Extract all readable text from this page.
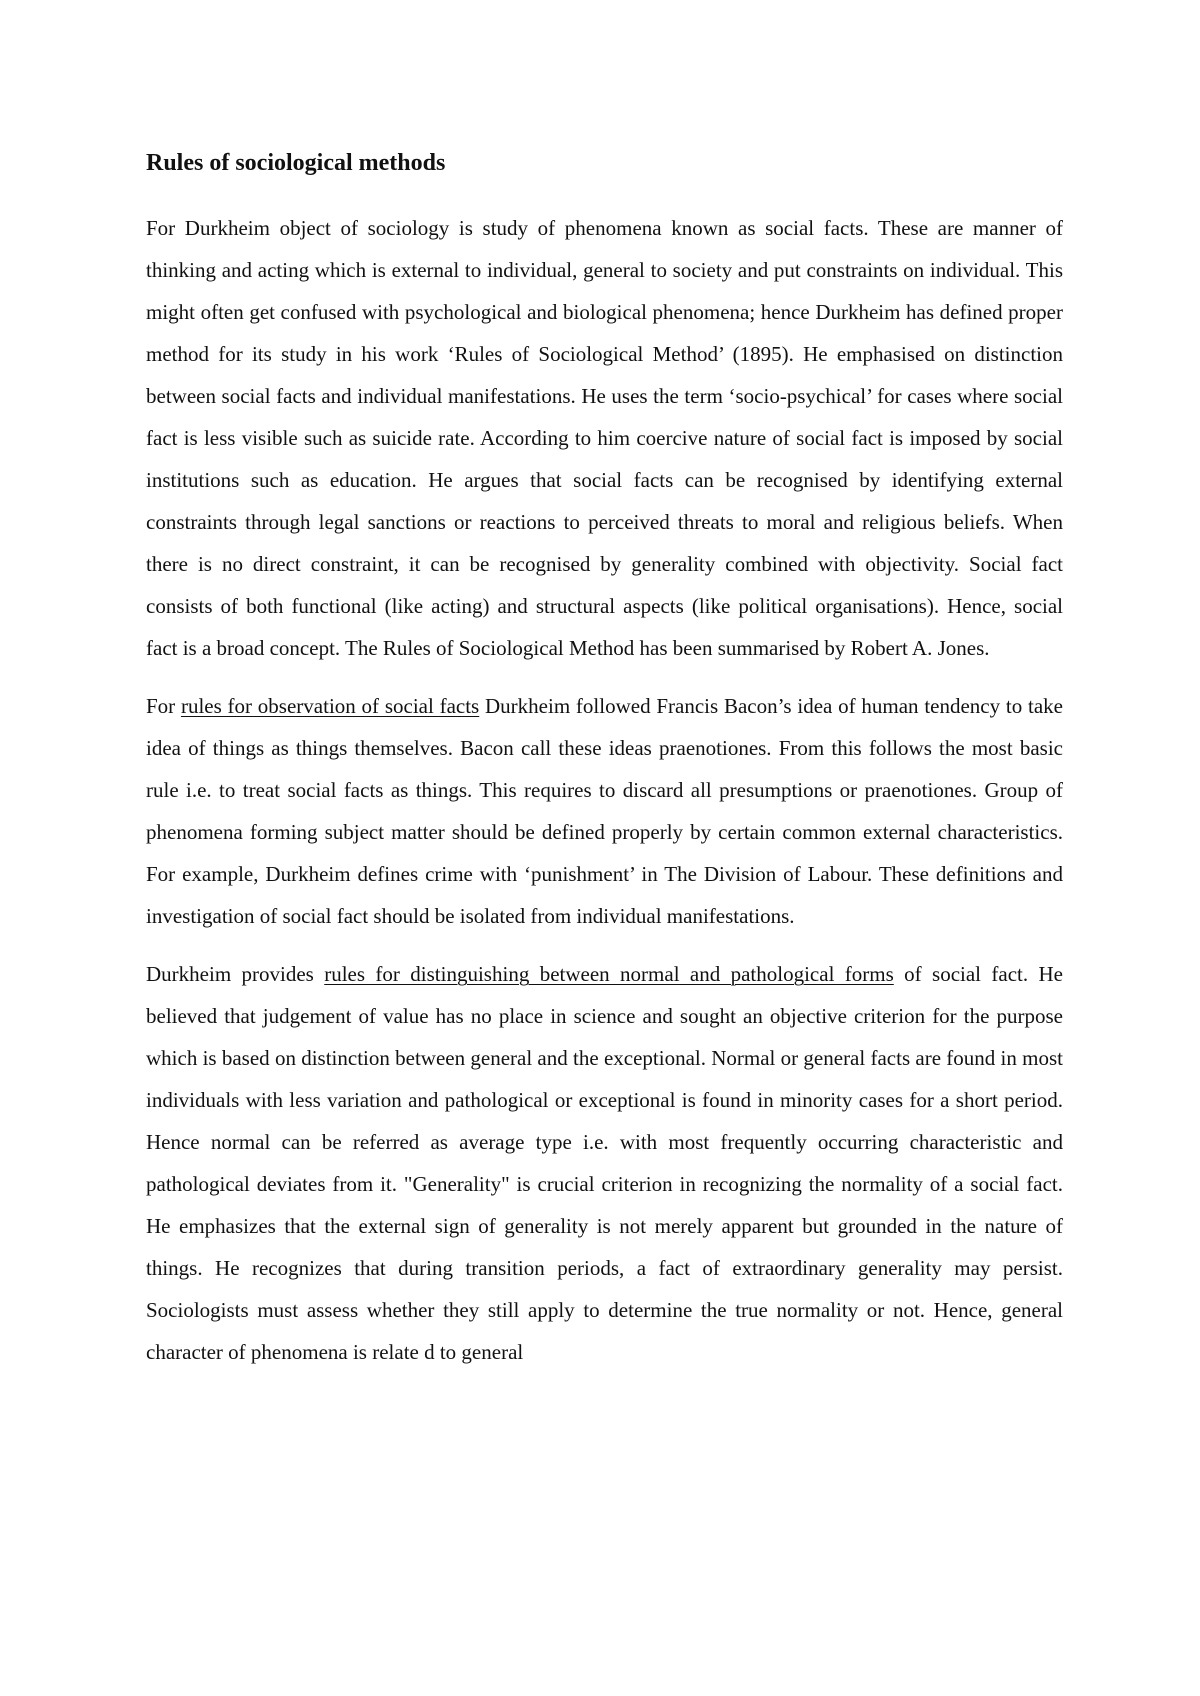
Rules of sociological methods

For Durkheim object of sociology is study of phenomena known as social facts. These are manner of thinking and acting which is external to individual, general to society and put constraints on individual. This might often get confused with psychological and biological phenomena; hence Durkheim has defined proper method for its study in his work ‘Rules of Sociological Method’ (1895). He emphasised on distinction between social facts and individual manifestations. He uses the term ‘socio-psychical’ for cases where social fact is less visible such as suicide rate. According to him coercive nature of social fact is imposed by social institutions such as education. He argues that social facts can be recognised by identifying external constraints through legal sanctions or reactions to perceived threats to moral and religious beliefs. When there is no direct constraint, it can be recognised by generality combined with objectivity. Social fact consists of both functional (like acting) and structural aspects (like political organisations). Hence, social fact is a broad concept. The Rules of Sociological Method has been summarised by Robert A. Jones.

For rules for observation of social facts Durkheim followed Francis Bacon’s idea of human tendency to take idea of things as things themselves. Bacon call these ideas praenotiones. From this follows the most basic rule i.e. to treat social facts as things. This requires to discard all presumptions or praenotiones. Group of phenomena forming subject matter should be defined properly by certain common external characteristics. For example, Durkheim defines crime with ‘punishment’ in The Division of Labour. These definitions and investigation of social fact should be isolated from individual manifestations.

Durkheim provides rules for distinguishing between normal and pathological forms of social fact. He believed that judgement of value has no place in science and sought an objective criterion for the purpose which is based on distinction between general and the exceptional. Normal or general facts are found in most individuals with less variation and pathological or exceptional is found in minority cases for a short period. Hence normal can be referred as average type i.e. with most frequently occurring characteristic and pathological deviates from it. "Generality" is crucial criterion in recognizing the normality of a social fact. He emphasizes that the external sign of generality is not merely apparent but grounded in the nature of things. He recognizes that during transition periods, a fact of extraordinary generality may persist. Sociologists must assess whether they still apply to determine the true normality or not. Hence, general character of phenomena is relate d to general
